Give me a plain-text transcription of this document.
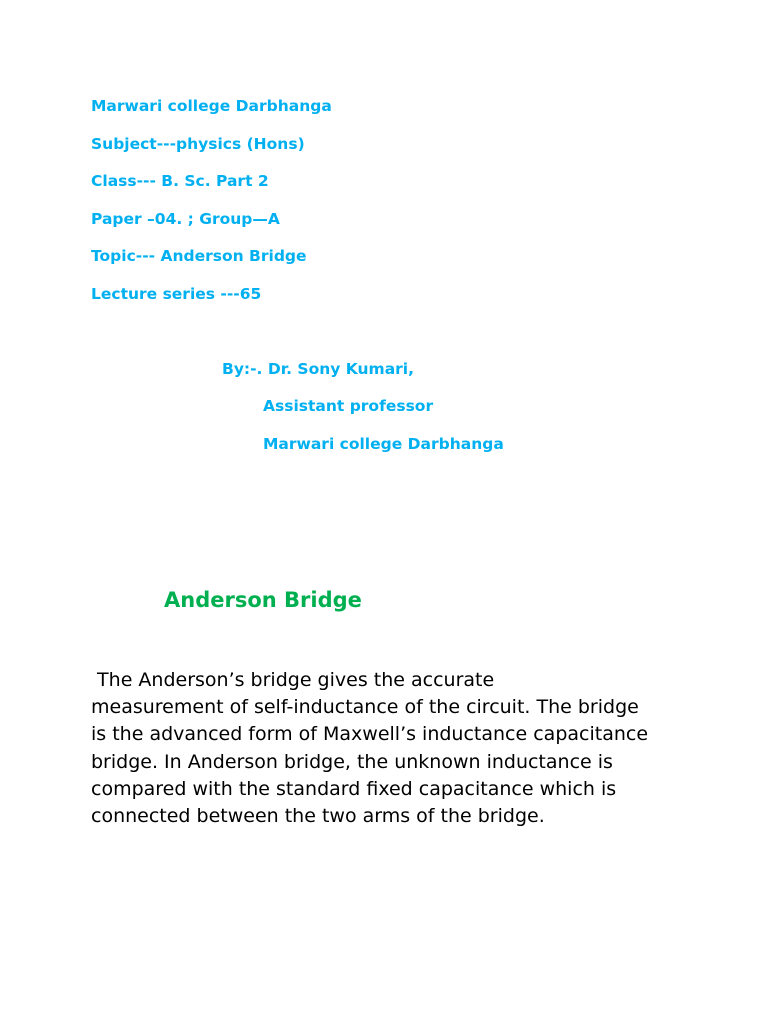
Marwari college Darbhanga
Subject---physics (Hons)
Class--- B. Sc. Part 2
Paper –04. ; Group—A
Topic--- Anderson Bridge
Lecture series ---65
By:-. Dr. Sony Kumari,
Assistant professor
Marwari college Darbhanga
Anderson Bridge
The Anderson’s bridge gives the accurate
measurement of self-inductance of the circuit. The bridge
is the advanced form of Maxwell’s inductance capacitance
bridge. In Anderson bridge, the unknown inductance is
compared with the standard fixed capacitance which is
connected between the two arms of the bridge.
